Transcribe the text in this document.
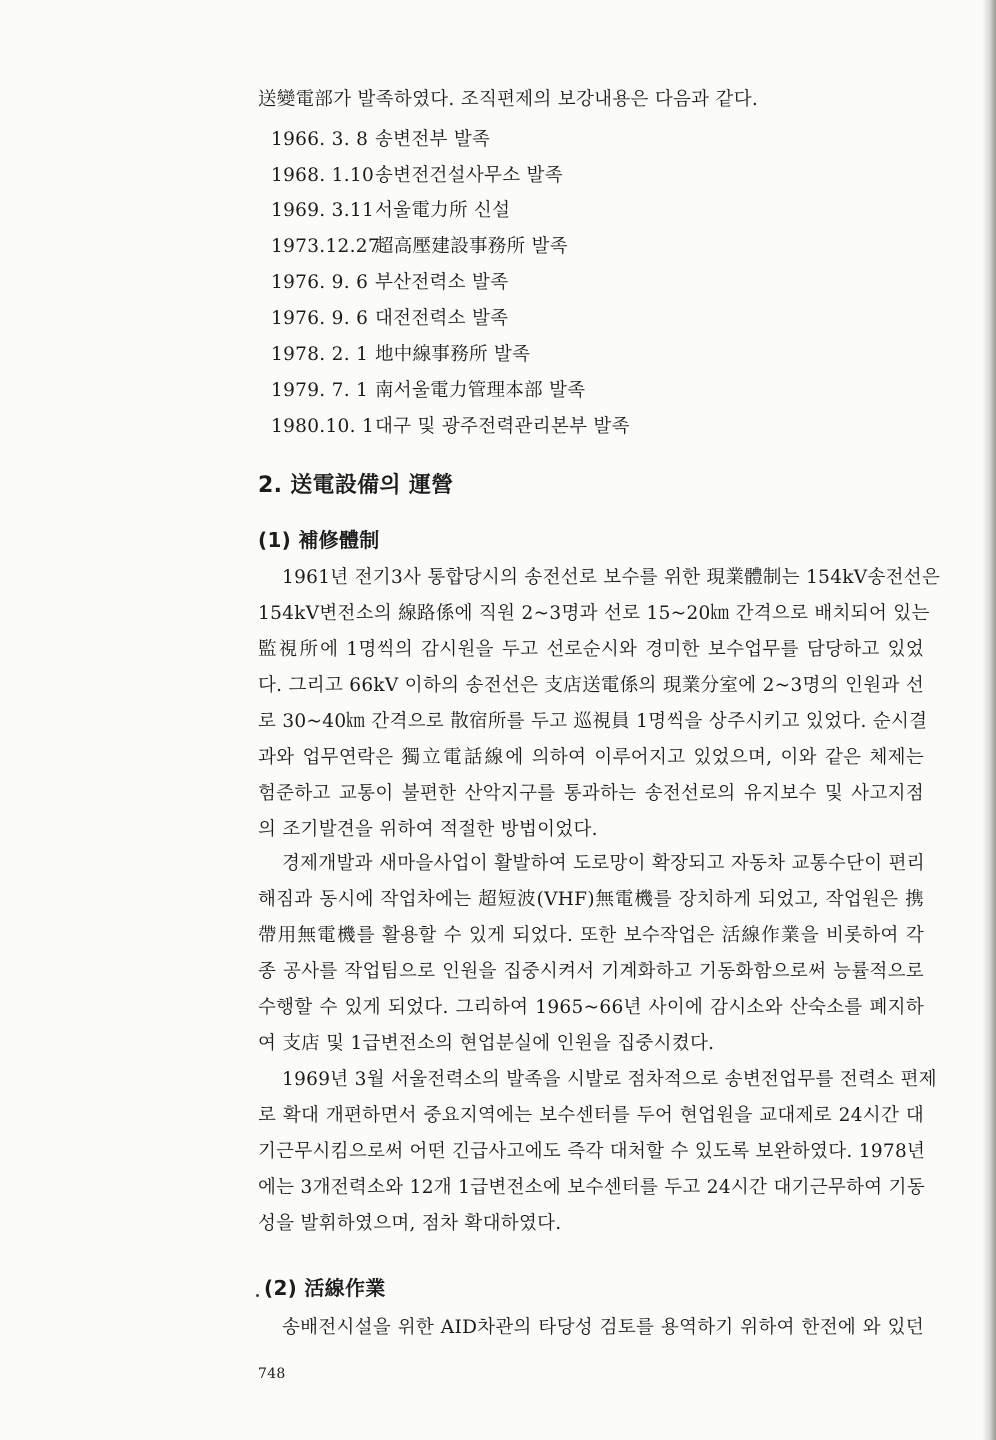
送變電部가 발족하였다. 조직편제의 보강내용은 다음과 같다.
1966. 3. 8 송변전부 발족
1968. 1.10송변전건설사무소 발족
1969. 3.11서울電力所 신설
1973.12.27超高壓建設事務所 발족
1976. 9. 6 부산전력소 발족
1976. 9. 6 대전전력소 발족
1978. 2. 1 地中線事務所 발족
1979. 7. 1 南서울電力管理本部 발족
1980.10. 1대구 및 광주전력관리본부 발족
2. 送電設備의 運營
(1) 補修體制
1961년 전기3사 통합당시의 송전선로 보수를 위한 現業體制는 154kV송전선은
154kV변전소의 線路係에 직원 2~3명과 선로 15~20㎞ 간격으로 배치되어 있는
監視所에 1명씩의 감시원을 두고 선로순시와 경미한 보수업무를 담당하고 있었
다. 그리고 66kV 이하의 송전선은 支店送電係의 現業分室에 2~3명의 인원과 선
로 30~40㎞ 간격으로 散宿所를 두고 巡視員 1명씩을 상주시키고 있었다. 순시결
과와 업무연락은 獨立電話線에 의하여 이루어지고 있었으며, 이와 같은 체제는
험준하고 교통이 불편한 산악지구를 통과하는 송전선로의 유지보수 및 사고지점
의 조기발견을 위하여 적절한 방법이었다.
경제개발과 새마을사업이 활발하여 도로망이 확장되고 자동차 교통수단이 편리
해짐과 동시에 작업차에는 超短波(VHF)無電機를 장치하게 되었고, 작업원은 携
帶用無電機를 활용할 수 있게 되었다. 또한 보수작업은 活線作業을 비롯하여 각
종 공사를 작업팀으로 인원을 집중시켜서 기계화하고 기동화함으로써 능률적으로
수행할 수 있게 되었다. 그리하여 1965~66년 사이에 감시소와 산숙소를 폐지하
여 支店 및 1급변전소의 현업분실에 인원을 집중시켰다.
1969년 3월 서울전력소의 발족을 시발로 점차적으로 송변전업무를 전력소 편제
로 확대 개편하면서 중요지역에는 보수센터를 두어 현업원을 교대제로 24시간 대
기근무시킴으로써 어떤 긴급사고에도 즉각 대처할 수 있도록 보완하였다. 1978년
에는 3개전력소와 12개 1급변전소에 보수센터를 두고 24시간 대기근무하여 기동
성을 발휘하였으며, 점차 확대하였다.
(2) 活線作業
송배전시설을 위한 AID차관의 타당성 검토를 용역하기 위하여 한전에 와 있던
748
